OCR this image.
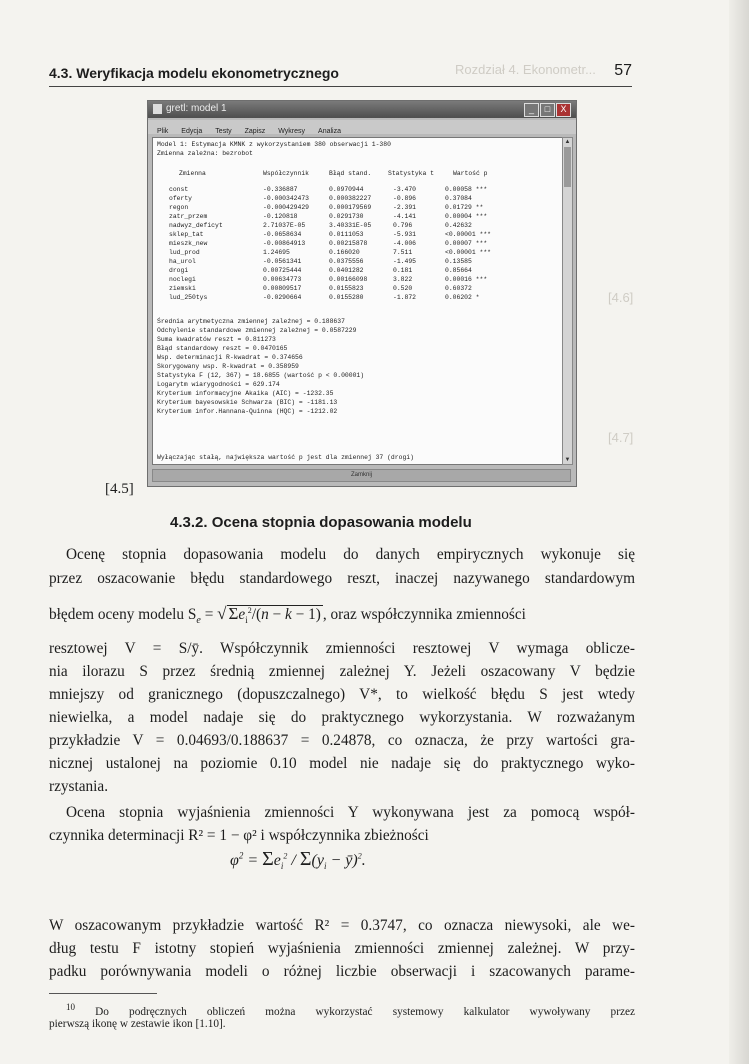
Rozdział 4. Ekonometr...
[4.6]
[4.7]
4.3. Weryfikacja modelu ekonometrycznego	57
gretl: model 1	_	□	X
Plik Edycja Testy Zapisz Wykresy Analiza
Model 1: Estymacja KMNK z wykorzystaniem 380 obserwacji 1-380
Zmienna zależna: bezrobot
Zmienna	Współczynnik	Błąd stand.	Statystyka t	Wartość p
const	-0.336887	0.0970944	-3.470	0.00058 ***
oferty	-0.000342473	0.000382227	-0.896	0.37084
regon	-0.000429429	0.000179569	-2.391	0.01729 **
zatr_przem	-0.120818	0.0291730	-4.141	0.00004 ***
nadwyz_deficyt	2.71037E-05	3.40331E-05	0.796	0.42632
sklep_tat	-0.0658634	0.0111053	-5.931	<0.00001 ***
mieszk_new	-0.00864913	0.00215878	-4.006	0.00007 ***
lud_prod	1.24695	0.166020	7.511	<0.00001 ***
ha_urol	-0.0561341	0.0375556	-1.495	0.13585
drogi	0.00725444	0.0401282	0.181	0.85664
noclegi	0.00634773	0.00166098	3.822	0.00016 ***
ziemski	0.00809517	0.0155823	0.520	0.60372
lud_250tys	-0.0290664	0.0155280	-1.872	0.06202 *
Średnia arytmetyczna zmiennej zależnej = 0.188637
Odchylenie standardowe zmiennej zależnej = 0.0587229
Suma kwadratów reszt = 0.811273
Błąd standardowy reszt = 0.0470165
Wsp. determinacji R-kwadrat = 0.374656
Skorygowany wsp. R-kwadrat = 0.358959
Statystyka F (12, 367) = 18.6855 (wartość p < 0.00001)
Logarytm wiarygodności = 629.174
Kryterium informacyjne Akaika (AIC) = -1232.35
Kryterium bayesowskie Schwarza (BIC) = -1181.13
Kryterium infor.Hannana-Quinna (HQC) = -1212.02
Wyłączając stałą, największa wartość p jest dla zmiennej 37 (drogi)
▲
▼
Zamknij
[4.5]
4.3.2. Ocena stopnia dopasowania modelu
Ocenę stopnia dopasowania modelu do danych empirycznych wykonuje się
przez oszacowanie błędu standardowego reszt, inaczej nazywanego standardowym
błędem oceny modelu $S_e$ = √ $\Sigma e_i^2/(n - k - 1)$ , oraz współczynnika zmienności
resztowej V = S/ȳ. Współczynnik zmienności resztowej V wymaga oblicze-
nia ilorazu S przez średnią zmiennej zależnej Y. Jeżeli oszacowany V będzie
mniejszy od granicznego (dopuszczalnego) V*, to wielkość błędu S jest wtedy
niewielka, a model nadaje się do praktycznego wykorzystania. W rozważanym
przykładzie V = 0.04693/0.188637 = 0.24878, co oznacza, że przy wartości gra-
nicznej ustalonej na poziomie 0.10 model nie nadaje się do praktycznego wyko-
rzystania.
Ocena stopnia wyjaśnienia zmienności Y wykonywana jest za pomocą współ-
czynnika determinacji R² = 1 − φ² i współczynnika zbieżności
$\varphi^2 = \Sigma e_i^2 / \Sigma(y_i$ − ȳ)$^2$.
W oszacowanym przykładzie wartość R² = 0.3747, co oznacza niewysoki, ale we-
dług testu F istotny stopień wyjaśnienia zmienności zmiennej zależnej. W przy-
padku porównywania modeli o różnej liczbie obserwacji i szacowanych parame-
$^{10}$ Do podręcznych obliczeń można wykorzystać systemowy kalkulator wywoływany przez
pierwszą ikonę w zestawie ikon [1.10].
